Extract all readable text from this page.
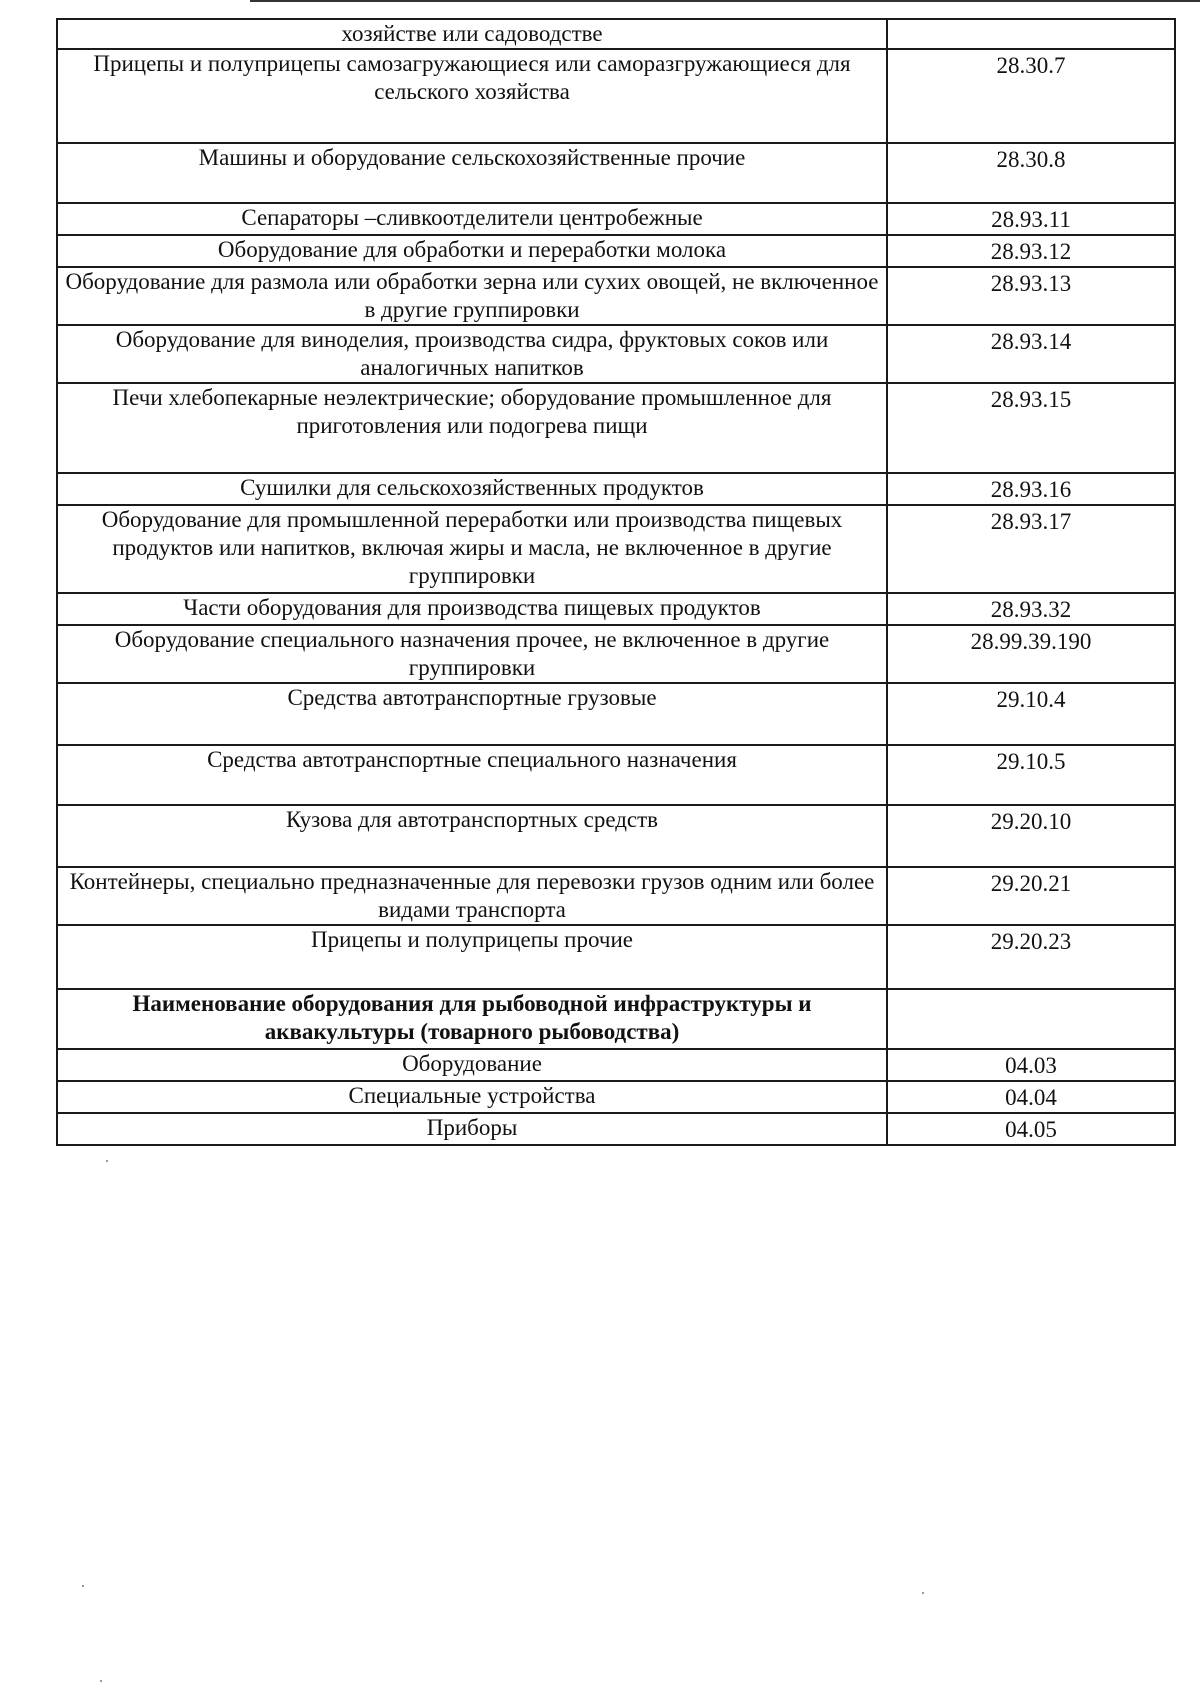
хозяйстве или садоводстве	

Прицепы и полуприцепы самозагружающиеся или саморазгружающиеся для сельского хозяйства	28.30.7

Машины и оборудование сельскохозяйственные прочие	28.30.8

Сепараторы –сливкоотделители центробежные	28.93.11

Оборудование для обработки и переработки молока	28.93.12

Оборудование для размола или обработки зерна или сухих овощей, не включенное в другие группировки	28.93.13

Оборудование для виноделия, производства сидра, фруктовых соков или аналогичных напитков	28.93.14

Печи хлебопекарные неэлектрические; оборудование промышленное для приготовления или подогрева пищи	28.93.15

Сушилки для сельскохозяйственных продуктов	28.93.16

Оборудование для промышленной переработки или производства пищевых продуктов или напитков, включая жиры и масла, не включенное в другие группировки	28.93.17

Части оборудования для производства пищевых продуктов	28.93.32

Оборудование специального назначения прочее, не включенное в другие группировки	28.99.39.190

Средства автотранспортные грузовые	29.10.4

Средства автотранспортные специального назначения	29.10.5

Кузова для автотранспортных средств	29.20.10

Контейнеры, специально предназначенные для перевозки грузов одним или более видами транспорта	29.20.21

Прицепы и полуприцепы прочие	29.20.23

Наименование оборудования для рыбоводной инфраструктуры и аквакультуры (товарного рыбоводства)	

Оборудование	04.03

Специальные устройства	04.04

Приборы	04.05
